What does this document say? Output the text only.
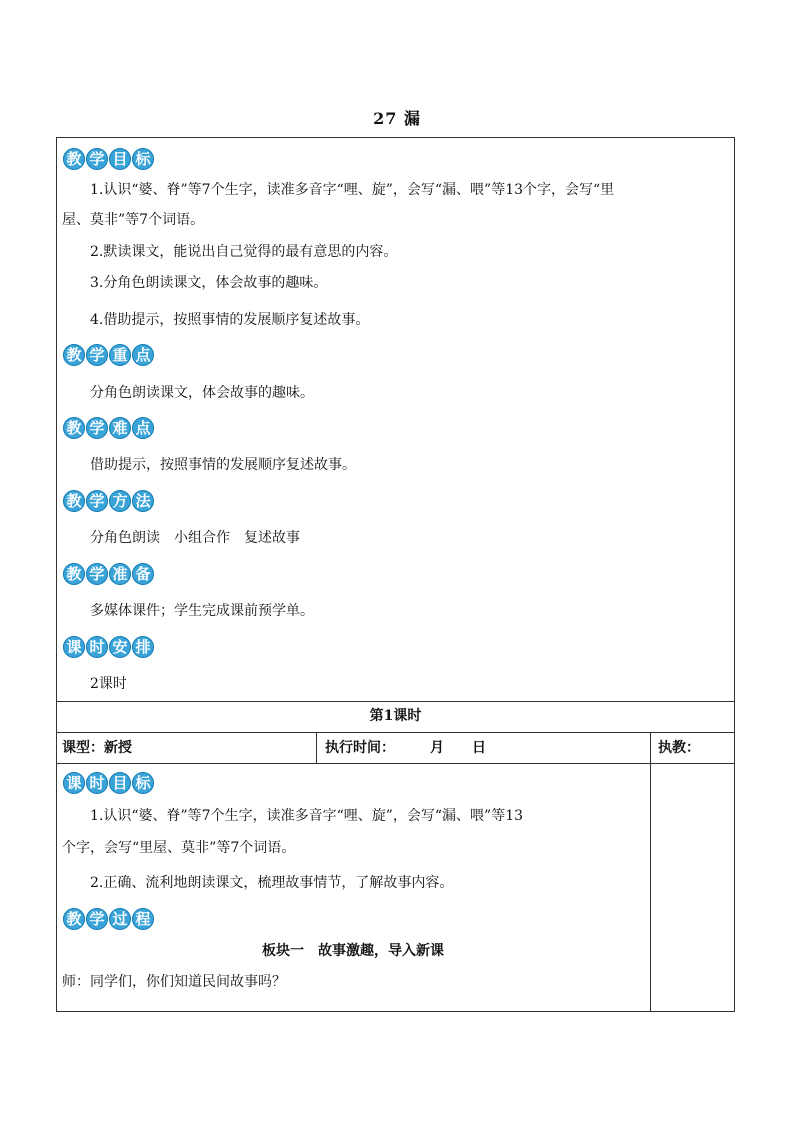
27 漏
教 学 目 标
1.认识“婆、脊”等7个生字，读准多音字“哩、旋”，会写“漏、喂”等13个字，会写“里
屋、莫非”等7个词语。
2.默读课文，能说出自己觉得的最有意思的内容。
3.分角色朗读课文，体会故事的趣味。
4.借助提示，按照事情的发展顺序复述故事。
教 学 重 点
分角色朗读课文，体会故事的趣味。
教 学 难 点
借助提示，按照事情的发展顺序复述故事。
教 学 方 法
分角色朗读　小组合作　复述故事
教 学 准 备
多媒体课件；学生完成课前预学单。
课 时 安 排
2课时
第1课时
课型：新授	执行时间：　　　月　　日	执教：
课 时 目 标
1.认识“婆、脊”等7个生字，读准多音字“哩、旋”，会写“漏、喂”等13
个字，会写“里屋、莫非”等7个词语。
2.正确、流利地朗读课文，梳理故事情节，了解故事内容。
教 学 过 程
板块一　故事激趣，导入新课
师：同学们，你们知道民间故事吗？
